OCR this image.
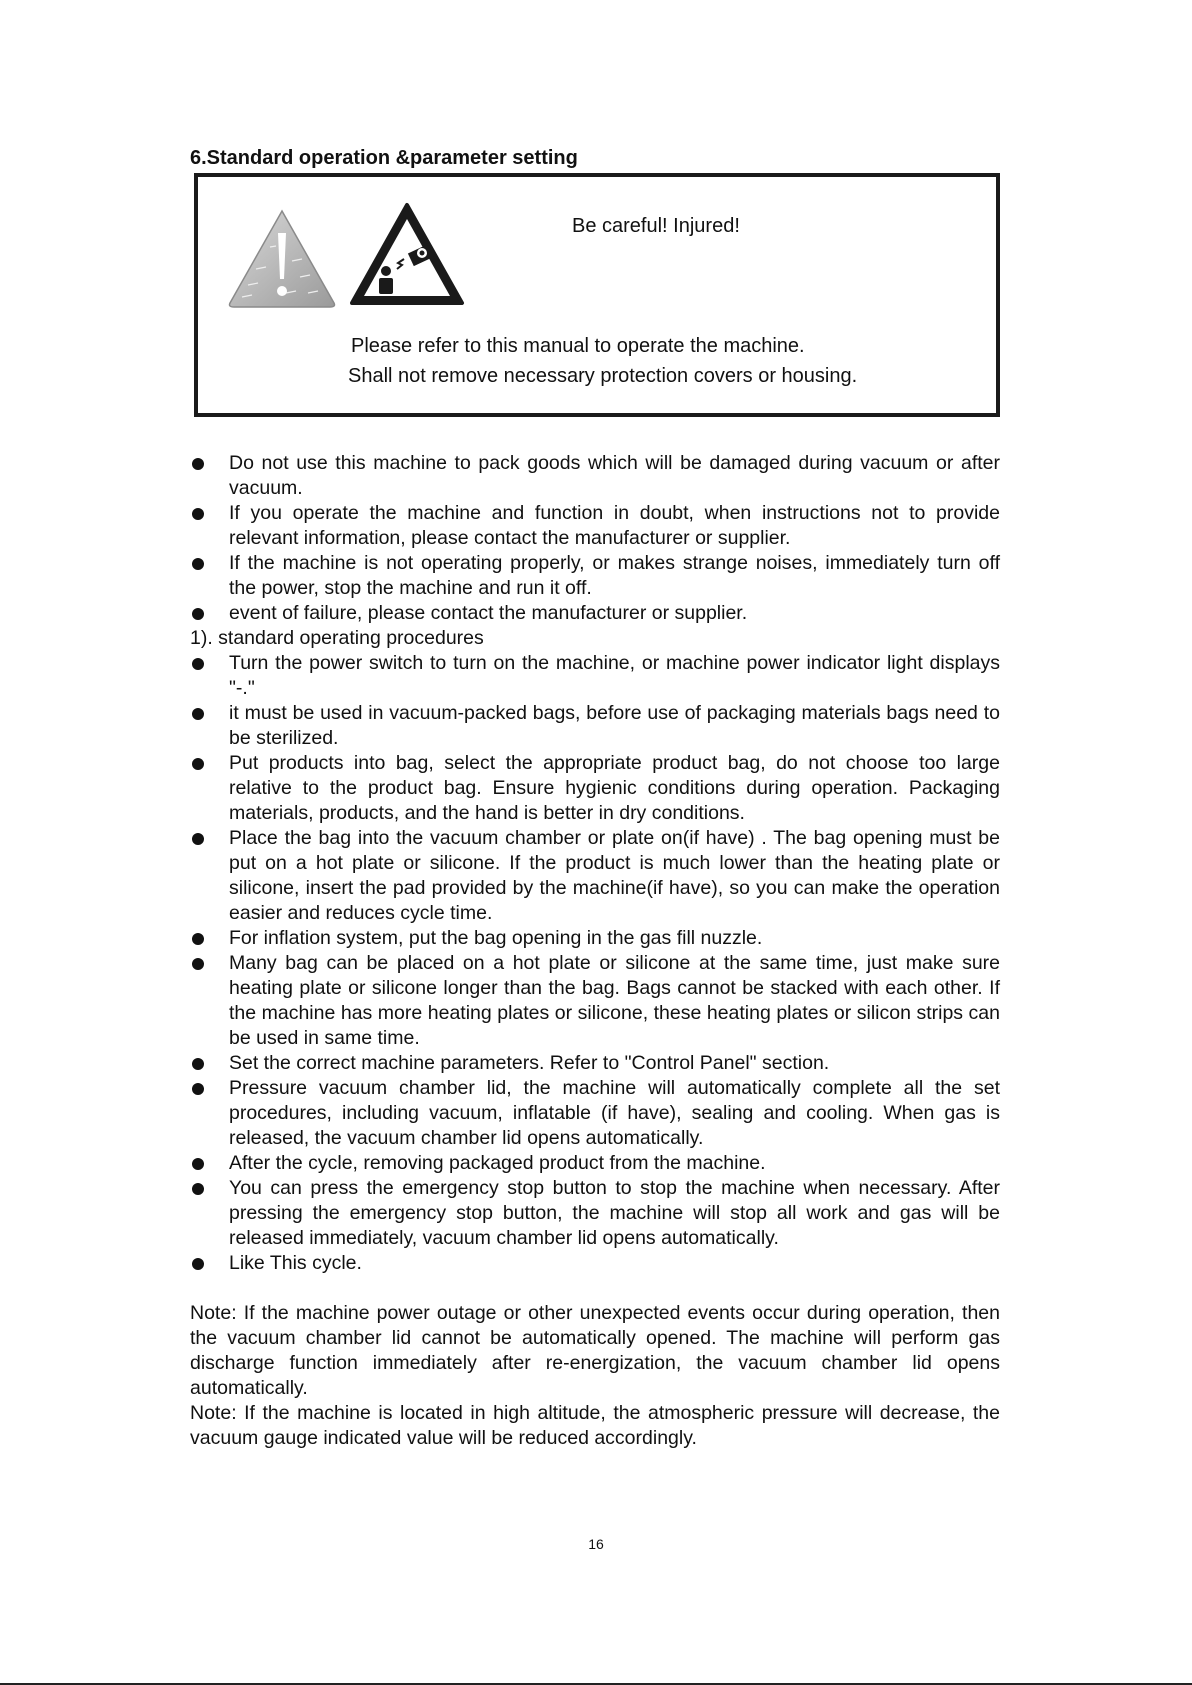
6.Standard operation &parameter setting
Be careful! Injured!
Please refer to this manual to operate the machine.
Shall not remove necessary protection covers or housing.
Do not use this machine to pack goods which will be damaged during vacuum or after vacuum.
If you operate the machine and function in doubt, when instructions not to provide relevant information, please contact the manufacturer or supplier.
If the machine is not operating properly, or makes strange noises, immediately turn off the power, stop the machine and run it off.
event of failure, please contact the manufacturer or supplier.

1). standard operating procedures

Turn the power switch to turn on the machine, or machine power indicator light displays "-."
it must be used in vacuum-packed bags, before use of packaging materials bags need to be sterilized.
Put products into bag, select the appropriate product bag, do not choose too large relative to the product bag. Ensure hygienic conditions during operation. Packaging materials, products, and the hand is better in dry conditions.
Place the bag into the vacuum chamber or plate on(if have) . The bag opening must be put on a hot plate or silicone. If the product is much lower than the heating plate or silicone, insert the pad provided by the machine(if have), so you can make the operation easier and reduces cycle time.
For inflation system, put the bag opening in the gas fill nuzzle.
Many bag can be placed on a hot plate or silicone at the same time, just make sure heating plate or silicone longer than the bag. Bags cannot be stacked with each other. If the machine has more heating plates or silicone, these heating plates or silicon strips can be used in same time.
Set the correct machine parameters. Refer to "Control Panel" section.
Pressure vacuum chamber lid, the machine will automatically complete all the set procedures, including vacuum, inflatable (if have), sealing and cooling. When gas is released, the vacuum chamber lid opens automatically.
After the cycle, removing packaged product from the machine.
You can press the emergency stop button to stop the machine when necessary. After pressing the emergency stop button, the machine will stop all work and gas will be released immediately, vacuum chamber lid opens automatically.
Like This cycle.

Note: If the machine power outage or other unexpected events occur during operation, then the vacuum chamber lid cannot be automatically opened. The machine will perform gas discharge function immediately after re-energization, the vacuum chamber lid opens automatically.

Note: If the machine is located in high altitude, the atmospheric pressure will decrease, the vacuum gauge indicated value will be reduced accordingly.

16
